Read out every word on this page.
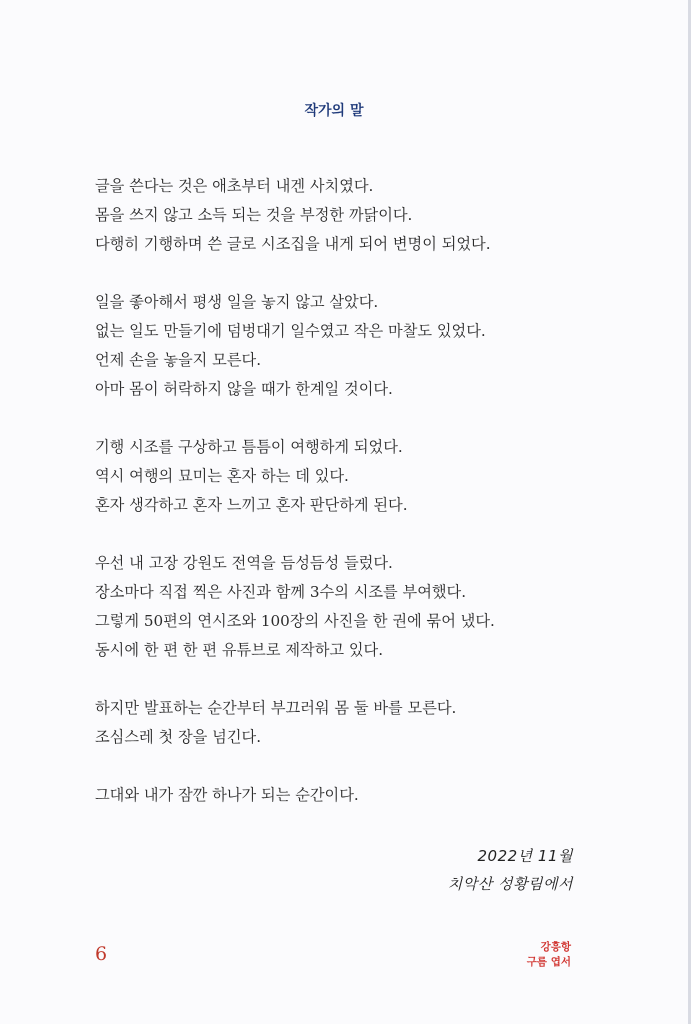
작가의 말
글을 쓴다는 것은 애초부터 내겐 사치였다.
몸을 쓰지 않고 소득 되는 것을 부정한 까닭이다.
다행히 기행하며 쓴 글로 시조집을 내게 되어 변명이 되었다.
일을 좋아해서 평생 일을 놓지 않고 살았다.
없는 일도 만들기에 덤벙대기 일수였고 작은 마찰도 있었다.
언제 손을 놓을지 모른다.
아마 몸이 허락하지 않을 때가 한계일 것이다.
기행 시조를 구상하고 틈틈이 여행하게 되었다.
역시 여행의 묘미는 혼자 하는 데 있다.
혼자 생각하고 혼자 느끼고 혼자 판단하게 된다.
우선 내 고장 강원도 전역을 듬성듬성 들렀다.
장소마다 직접 찍은 사진과 함께 3수의 시조를 부여했다.
그렇게 50편의 연시조와 100장의 사진을 한 권에 묶어 냈다.
동시에 한 편 한 편 유튜브로 제작하고 있다.
하지만 발표하는 순간부터 부끄러워 몸 둘 바를 모른다.
조심스레 첫 장을 넘긴다.
그대와 내가 잠깐 하나가 되는 순간이다.
2022년 11월
치악산 성황림에서
6	강흥항
구름 엽서
